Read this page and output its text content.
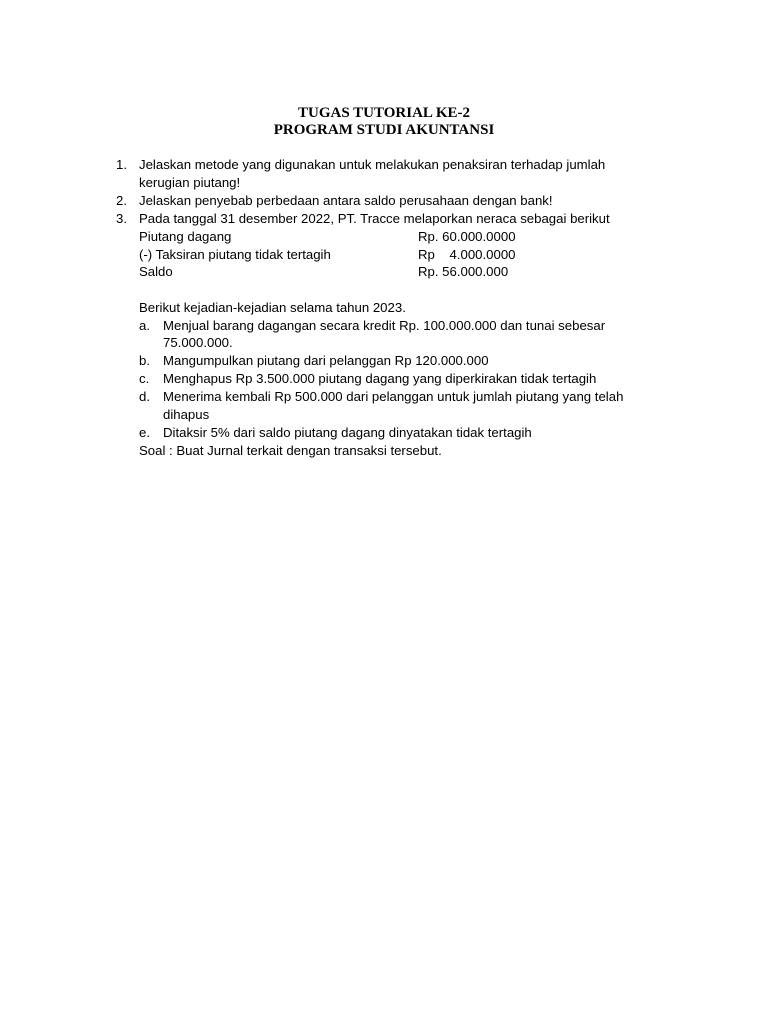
TUGAS TUTORIAL KE-2
PROGRAM STUDI AKUNTANSI
1. Jelaskan metode yang digunakan untuk melakukan penaksiran terhadap jumlah
kerugian piutang!
2. Jelaskan penyebab perbedaan antara saldo perusahaan dengan bank!
3. Pada tanggal 31 desember 2022, PT. Tracce melaporkan neraca sebagai berikut
Piutang dagang	Rp. 60.000.0000
(-) Taksiran piutang tidak tertagih	Rp    4.000.0000
Saldo	Rp. 56.000.000
Berikut kejadian-kejadian selama tahun 2023.
a. Menjual barang dagangan secara kredit Rp. 100.000.000 dan tunai sebesar
75.000.000.
b. Mangumpulkan piutang dari pelanggan Rp 120.000.000
c. Menghapus Rp 3.500.000 piutang dagang yang diperkirakan tidak tertagih
d. Menerima kembali Rp 500.000 dari pelanggan untuk jumlah piutang yang telah
dihapus
e. Ditaksir 5% dari saldo piutang dagang dinyatakan tidak tertagih
Soal : Buat Jurnal terkait dengan transaksi tersebut.
